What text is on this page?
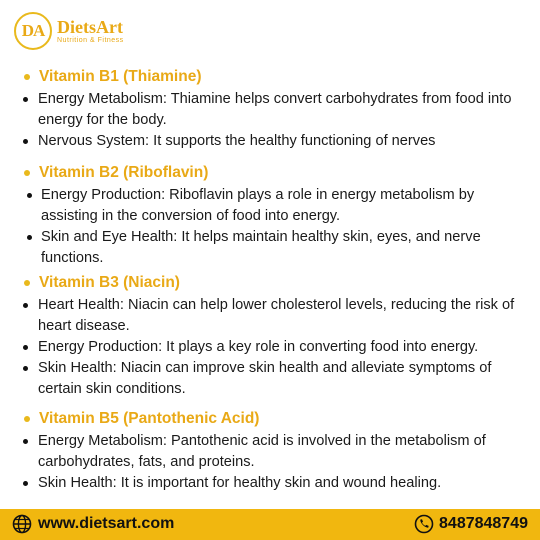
DA DietsArt
Nutrition & Fitness
Vitamin B1 (Thiamine)
Energy Metabolism: Thiamine helps convert carbohydrates from food into energy for the body.
Nervous System: It supports the healthy functioning of nerves
Vitamin B2 (Riboflavin)
Energy Production: Riboflavin plays a role in energy metabolism by assisting in the conversion of food into energy.
Skin and Eye Health: It helps maintain healthy skin, eyes, and nerve functions.
Vitamin B3 (Niacin)
Heart Health: Niacin can help lower cholesterol levels, reducing the risk of heart disease.
Energy Production: It plays a key role in converting food into energy.
Skin Health: Niacin can improve skin health and alleviate symptoms of certain skin conditions.
Vitamin B5 (Pantothenic Acid)
Energy Metabolism: Pantothenic acid is involved in the metabolism of carbohydrates, fats, and proteins.
Skin Health: It is important for healthy skin and wound healing.
www.dietsart.com	8487848749
